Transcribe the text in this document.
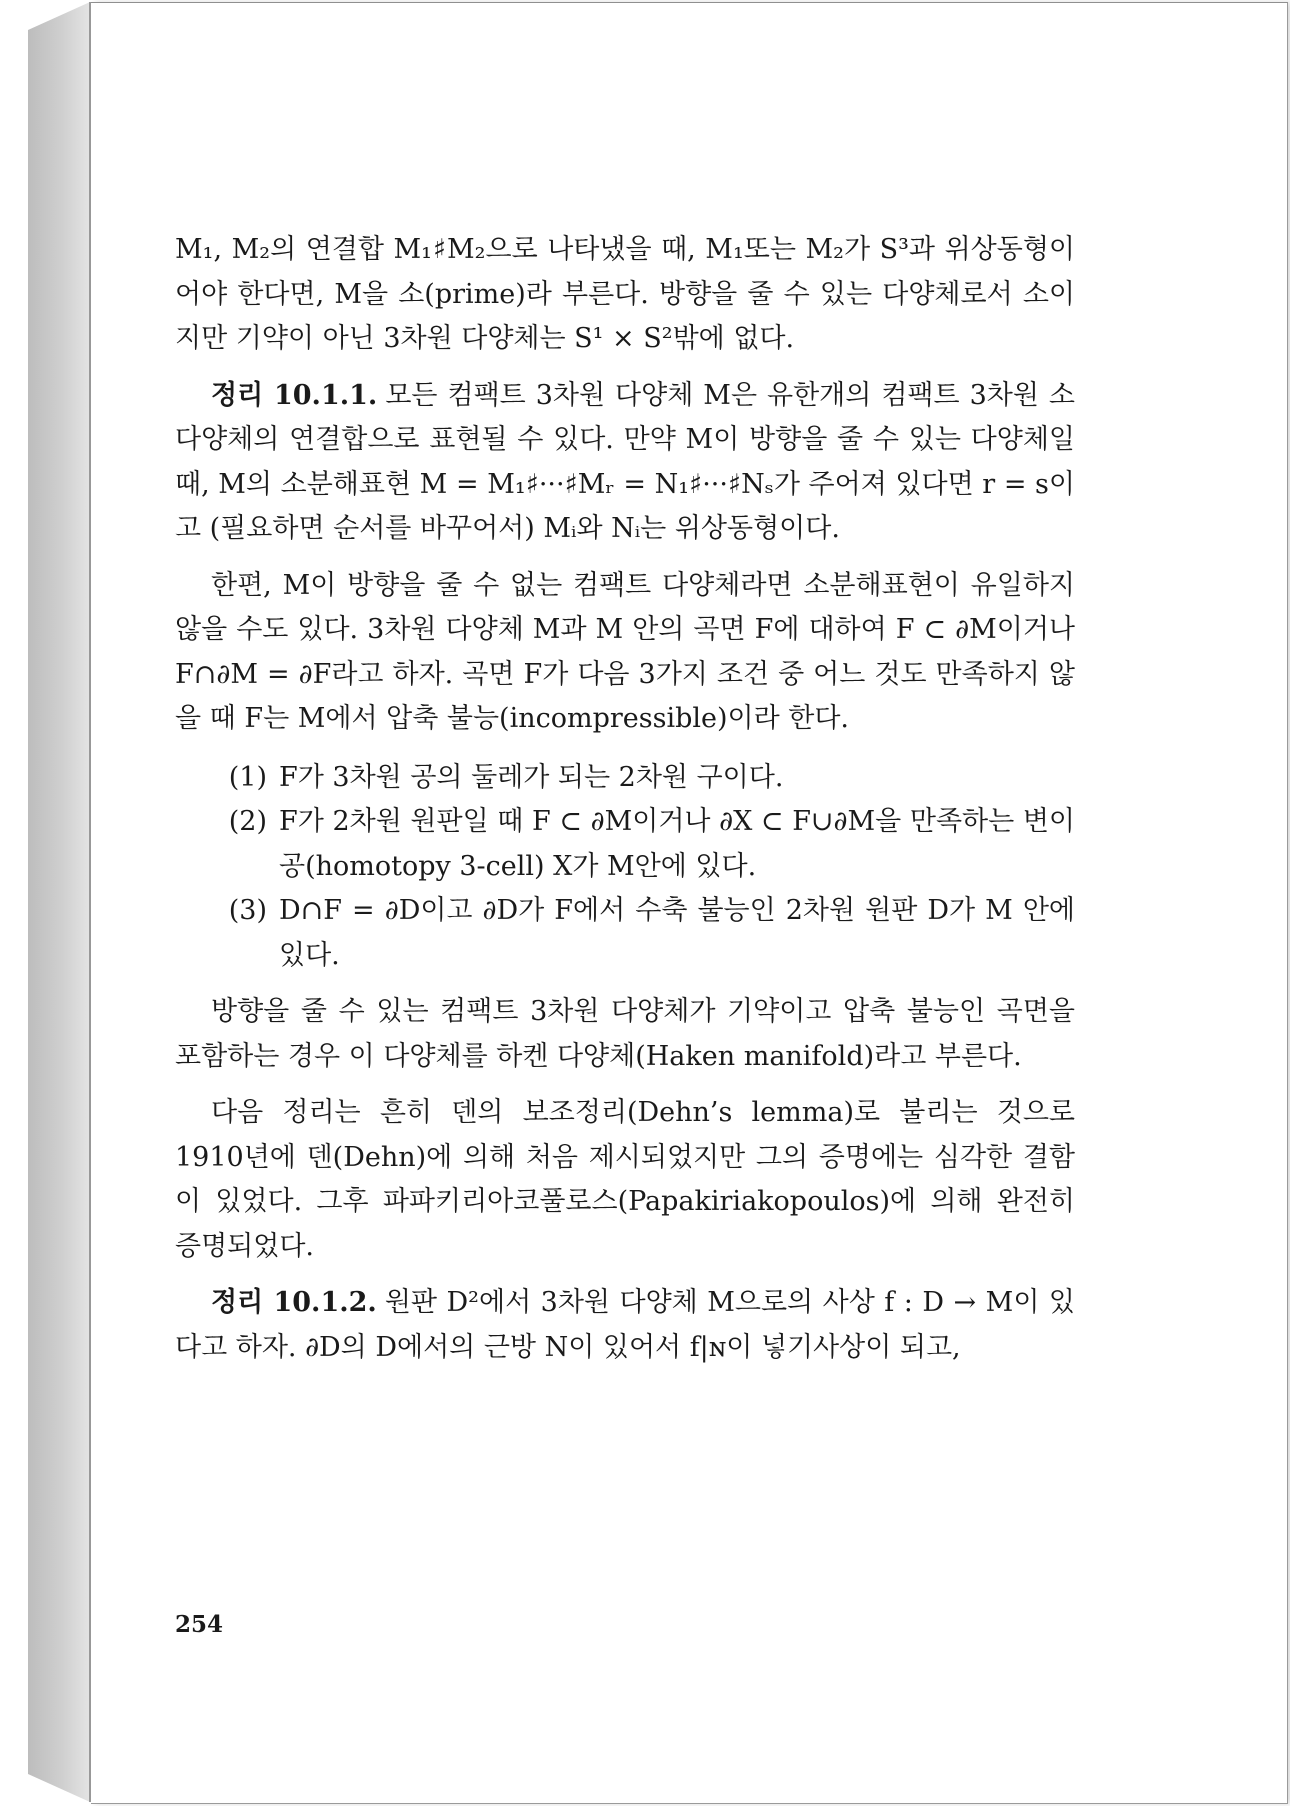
M₁, M₂의 연결합 M₁♯M₂으로 나타냈을 때, M₁또는 M₂가 S³과 위상동형이어야 한다면, M을 소(prime)라 부른다. 방향을 줄 수 있는 다양체로서 소이지만 기약이 아닌 3차원 다양체는 S¹ × S²밖에 없다.

정리 10.1.1. 모든 컴팩트 3차원 다양체 M은 유한개의 컴팩트 3차원 소다양체의 연결합으로 표현될 수 있다. 만약 M이 방향을 줄 수 있는 다양체일 때, M의 소분해표현 M = M₁♯···♯Mᵣ = N₁♯···♯Nₛ가 주어져 있다면 r = s이고 (필요하면 순서를 바꾸어서) Mᵢ와 Nᵢ는 위상동형이다.

한편, M이 방향을 줄 수 없는 컴팩트 다양체라면 소분해표현이 유일하지 않을 수도 있다. 3차원 다양체 M과 M 안의 곡면 F에 대하여 F ⊂ ∂M이거나 F∩∂M = ∂F라고 하자. 곡면 F가 다음 3가지 조건 중 어느 것도 만족하지 않을 때 F는 M에서 압축 불능(incompressible)이라 한다.

(1) F가 3차원 공의 둘레가 되는 2차원 구이다.
(2) F가 2차원 원판일 때 F ⊂ ∂M이거나 ∂X ⊂ F∪∂M을 만족하는 변이공(homotopy 3-cell) X가 M안에 있다.
(3) D∩F = ∂D이고 ∂D가 F에서 수축 불능인 2차원 원판 D가 M 안에 있다.

방향을 줄 수 있는 컴팩트 3차원 다양체가 기약이고 압축 불능인 곡면을 포함하는 경우 이 다양체를 하켄 다양체(Haken manifold)라고 부른다.

다음 정리는 흔히 덴의 보조정리(Dehn’s lemma)로 불리는 것으로 1910년에 덴(Dehn)에 의해 처음 제시되었지만 그의 증명에는 심각한 결함이 있었다. 그후 파파키리아코풀로스(Papakiriakopoulos)에 의해 완전히 증명되었다.

정리 10.1.2. 원판 D²에서 3차원 다양체 M으로의 사상 f : D → M이 있다고 하자. ∂D의 D에서의 근방 N이 있어서 f|ɴ이 넣기사상이 되고,

254
